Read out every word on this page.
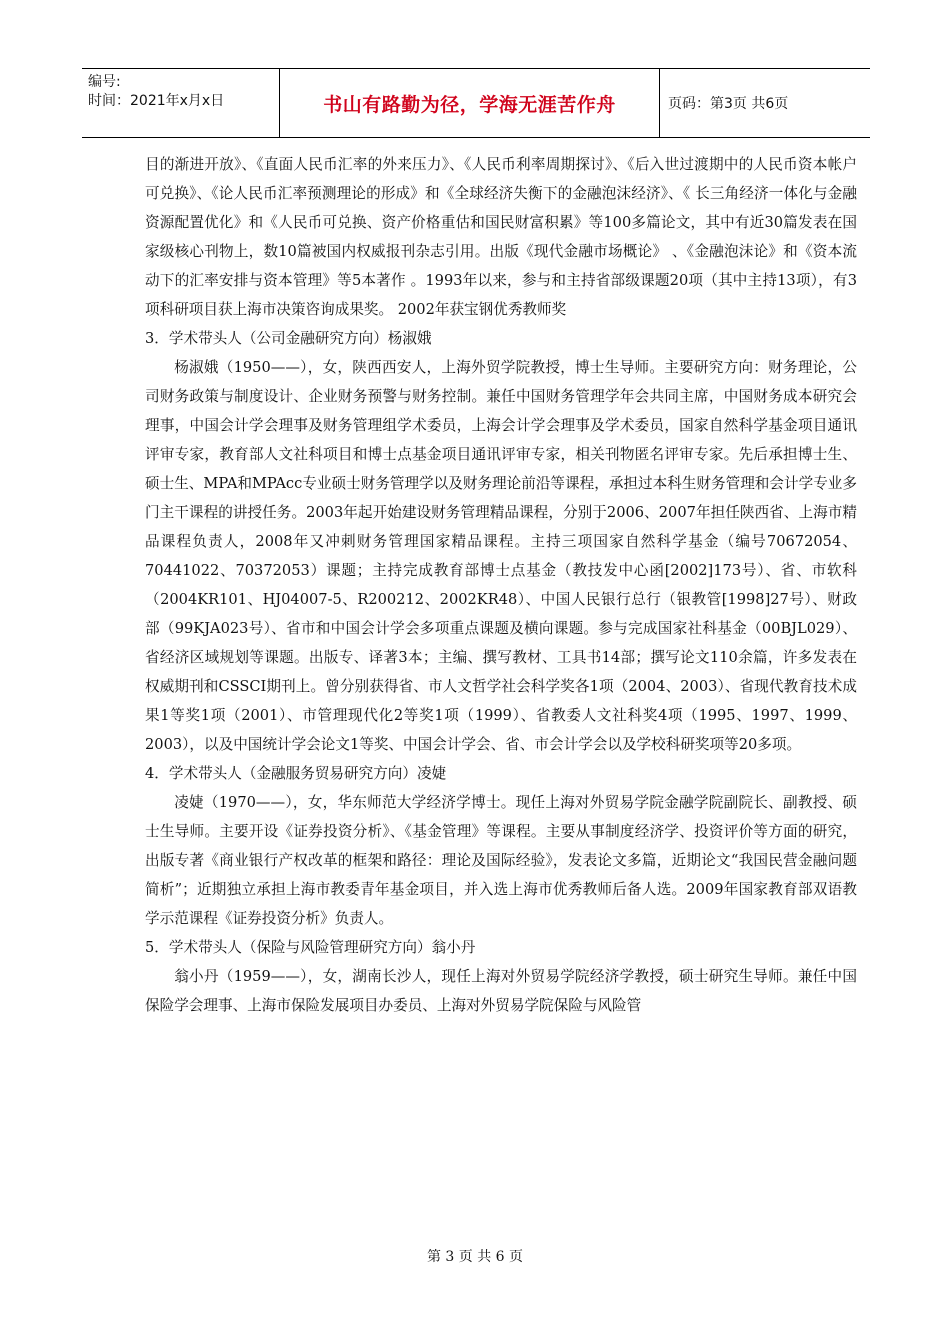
编号:
时间：2021年x月x日	书山有路勤为径，学海无涯苦作舟	页码：第3页 共6页

目的渐进开放》、《直面人民币汇率的外来压力》、《人民币利率周期探讨》、《后入世过渡期中的人民币资本帐户可兑换》、《论人民币汇率预测理论的形成》和《全球经济失衡下的金融泡沫经济》、《 长三角经济一体化与金融资源配置优化》和《人民币可兑换、资产价格重估和国民财富积累》等100多篇论文，其中有近30篇发表在国家级核心刊物上，数10篇被国内权威报刊杂志引用。出版《现代金融市场概论》 、《金融泡沫论》和《资本流动下的汇率安排与资本管理》等5本著作 。1993年以来，参与和主持省部级课题20项（其中主持13项），有3项科研项目获上海市决策咨询成果奖。 2002年获宝钢优秀教师奖

3．学术带头人（公司金融研究方向）杨淑娥

杨淑娥（1950——），女，陕西西安人，上海外贸学院教授，博士生导师。主要研究方向：财务理论，公司财务政策与制度设计、企业财务预警与财务控制。兼任中国财务管理学年会共同主席，中国财务成本研究会理事，中国会计学会理事及财务管理组学术委员，上海会计学会理事及学术委员，国家自然科学基金项目通讯评审专家，教育部人文社科项目和博士点基金项目通讯评审专家，相关刊物匿名评审专家。先后承担博士生、硕士生、MPA和MPAcc专业硕士财务管理学以及财务理论前沿等课程，承担过本科生财务管理和会计学专业多门主干课程的讲授任务。2003年起开始建设财务管理精品课程，分别于2006、2007年担任陕西省、上海市精品课程负责人，2008年又冲刺财务管理国家精品课程。主持三项国家自然科学基金（编号70672054、70441022、70372053）课题；主持完成教育部博士点基金（教技发中心函[2002]173号）、省、市软科（2004KR101、HJ04007-5、R200212、2002KR48）、中国人民银行总行（银教管[1998]27号）、财政部（99KJA023号）、省市和中国会计学会多项重点课题及横向课题。参与完成国家社科基金（00BJL029）、省经济区域规划等课题。出版专、译著3本；主编、撰写教材、工具书14部；撰写论文110余篇，许多发表在权威期刊和CSSCI期刊上。曾分别获得省、市人文哲学社会科学奖各1项（2004、2003）、省现代教育技术成果1等奖1项（2001）、市管理现代化2等奖1项（1999）、省教委人文社科奖4项（1995、1997、1999、2003），以及中国统计学会论文1等奖、中国会计学会、省、市会计学会以及学校科研奖项等20多项。

4．学术带头人（金融服务贸易研究方向）凌婕

凌婕（1970——），女，华东师范大学经济学博士。现任上海对外贸易学院金融学院副院长、副教授、硕士生导师。主要开设《证券投资分析》、《基金管理》等课程。主要从事制度经济学、投资评价等方面的研究，出版专著《商业银行产权改革的框架和路径：理论及国际经验》，发表论文多篇，近期论文“我国民营金融问题简析”；近期独立承担上海市教委青年基金项目，并入选上海市优秀教师后备人选。2009年国家教育部双语教学示范课程《证券投资分析》负责人。

5．学术带头人（保险与风险管理研究方向）翁小丹

翁小丹（1959——），女，湖南长沙人，现任上海对外贸易学院经济学教授，硕士研究生导师。兼任中国保险学会理事、上海市保险发展项目办委员、上海对外贸易学院保险与风险管

第 3 页 共 6 页
